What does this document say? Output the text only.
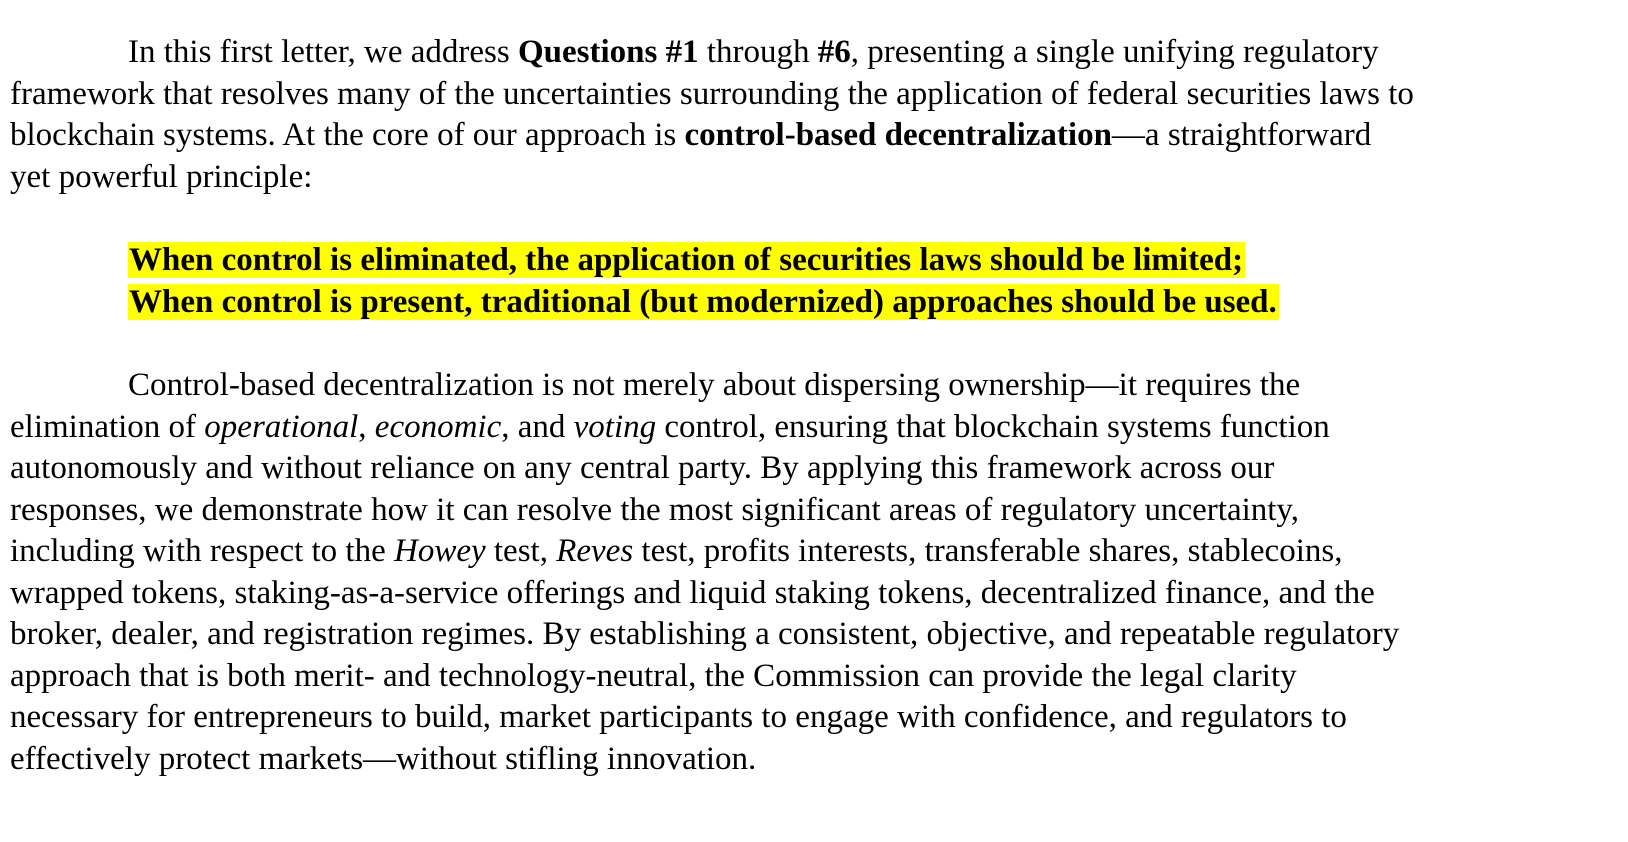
In this first letter, we address Questions #1 through #6, presenting a single unifying regulatory
framework that resolves many of the uncertainties surrounding the application of federal securities laws to
blockchain systems. At the core of our approach is control-based decentralization—a straightforward
yet powerful principle:
When control is eliminated, the application of securities laws should be limited;
When control is present, traditional (but modernized) approaches should be used.
Control-based decentralization is not merely about dispersing ownership—it requires the
elimination of operational, economic, and voting control, ensuring that blockchain systems function
autonomously and without reliance on any central party. By applying this framework across our
responses, we demonstrate how it can resolve the most significant areas of regulatory uncertainty,
including with respect to the Howey test, Reves test, profits interests, transferable shares, stablecoins,
wrapped tokens, staking-as-a-service offerings and liquid staking tokens, decentralized finance, and the
broker, dealer, and registration regimes. By establishing a consistent, objective, and repeatable regulatory
approach that is both merit- and technology-neutral, the Commission can provide the legal clarity
necessary for entrepreneurs to build, market participants to engage with confidence, and regulators to
effectively protect markets—without stifling innovation.
